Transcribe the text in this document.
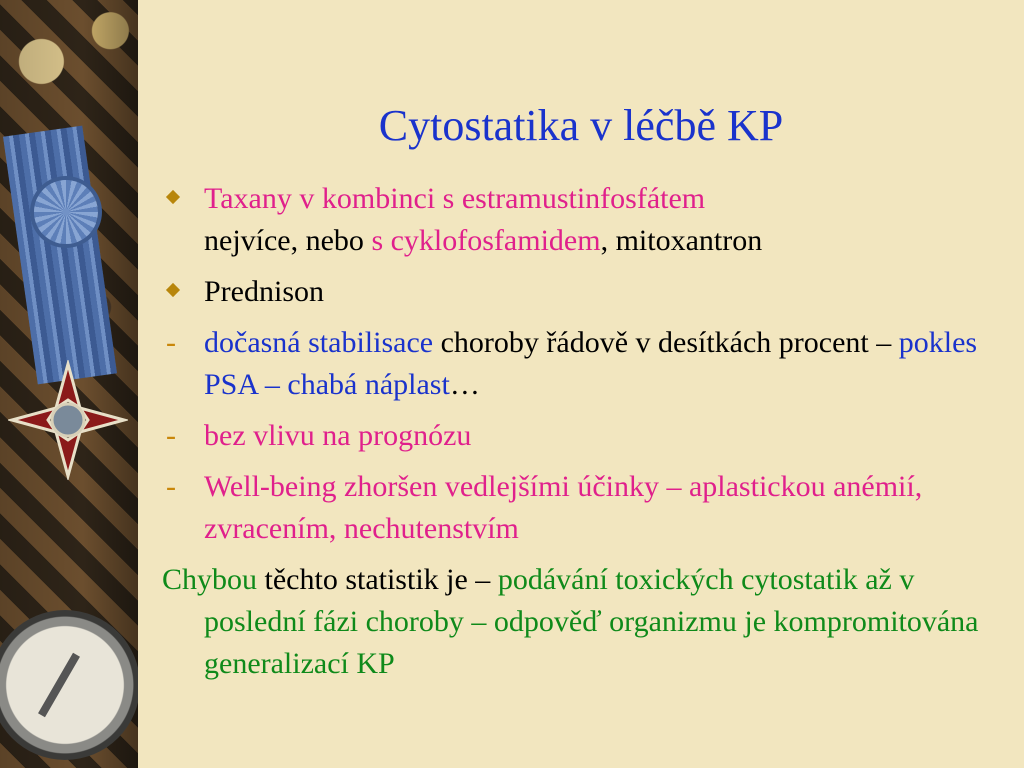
Cytostatika v léčbě KP
Taxany v kombinci s estramustinfosfátem
nejvíce, nebo s cyklofosfamidem, mitoxantron
Prednison
- dočasná stabilisace choroby řádově v desítkách procent – pokles PSA – chabá náplast…
- bez vlivu na prognózu
- Well-being zhoršen vedlejšími účinky – aplastickou anémií, zvracením, nechutenstvím
Chybou těchto statistik je – podávání toxických cytostatik až v poslední fázi choroby – odpověď organizmu je kompromitována generalizací KP
